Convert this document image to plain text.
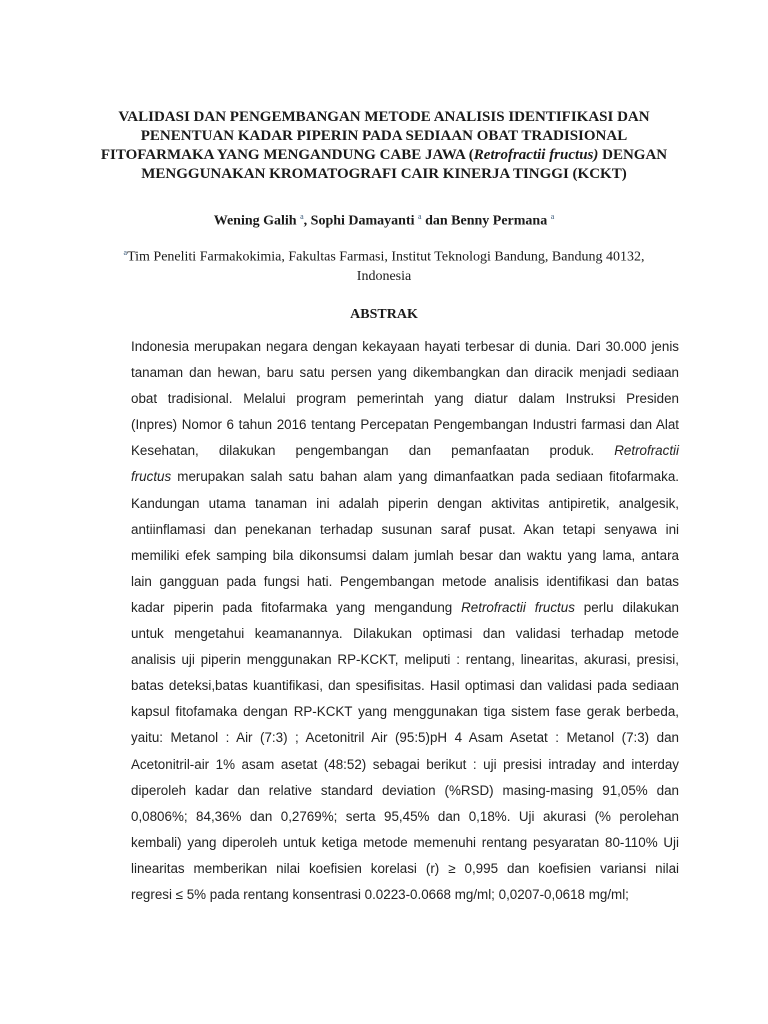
VALIDASI DAN PENGEMBANGAN METODE ANALISIS IDENTIFIKASI DAN
PENENTUAN KADAR PIPERIN PADA SEDIAAN OBAT TRADISIONAL
FITOFARMAKA YANG MENGANDUNG CABE JAWA (Retrofractii fructus) DENGAN
MENGGUNAKAN KROMATOGRAFI CAIR KINERJA TINGGI (KCKT)
Wening Galih $^a$, Sophi Damayanti $^a$ dan Benny Permana $^a$
$^a$Tim Peneliti Farmakokimia, Fakultas Farmasi, Institut Teknologi Bandung, Bandung 40132,
Indonesia
ABSTRAK
Indonesia merupakan negara dengan kekayaan hayati terbesar di dunia. Dari 30.000 jenis
tanaman dan hewan, baru satu persen yang dikembangkan dan diracik menjadi sediaan
obat tradisional. Melalui program pemerintah yang diatur dalam Instruksi Presiden
(Inpres) Nomor 6 tahun 2016 tentang Percepatan Pengembangan Industri farmasi dan Alat
Kesehatan, dilakukan pengembangan dan pemanfaatan produk. Retrofractii
fructus merupakan salah satu bahan alam yang dimanfaatkan pada sediaan fitofarmaka.
Kandungan utama tanaman ini adalah piperin dengan aktivitas antipiretik, analgesik,
antiinflamasi dan penekanan terhadap susunan saraf pusat. Akan tetapi senyawa ini
memiliki efek samping bila dikonsumsi dalam jumlah besar dan waktu yang lama, antara
lain gangguan pada fungsi hati. Pengembangan metode analisis identifikasi dan batas
kadar piperin pada fitofarmaka yang mengandung Retrofractii fructus perlu dilakukan
untuk mengetahui keamanannya. Dilakukan optimasi dan validasi terhadap metode
analisis uji piperin menggunakan RP-KCKT, meliputi : rentang, linearitas, akurasi, presisi,
batas deteksi,batas kuantifikasi, dan spesifisitas. Hasil optimasi dan validasi pada sediaan
kapsul fitofamaka dengan RP-KCKT yang menggunakan tiga sistem fase gerak berbeda,
yaitu: Metanol : Air (7:3) ; Acetonitril Air (95:5)pH 4 Asam Asetat : Metanol (7:3) dan
Acetonitril-air 1% asam asetat (48:52) sebagai berikut : uji presisi intraday and interday
diperoleh kadar dan relative standard deviation (%RSD) masing-masing 91,05% dan
0,0806%; 84,36% dan 0,2769%; serta 95,45% dan 0,18%. Uji akurasi (% perolehan
kembali) yang diperoleh untuk ketiga metode memenuhi rentang pesyaratan 80-110% Uji
linearitas memberikan nilai koefisien korelasi (r) ≥ 0,995 dan koefisien variansi nilai
regresi ≤ 5% pada rentang konsentrasi 0.0223-0.0668 mg/ml; 0,0207-0,0618 mg/ml;
